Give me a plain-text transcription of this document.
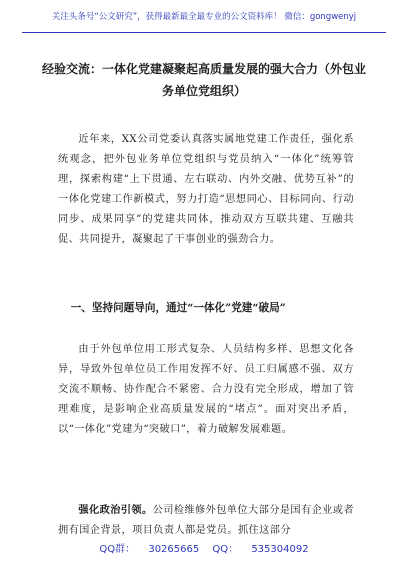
关注头条号“公文研究”，获得最新最全最专业的公文资料库！ 微信：gongwenyj
经验交流：一体化党建凝聚起高质量发展的强大合力（外包业务单位党组织）

近年来，XX公司党委认真落实属地党建工作责任，强化系统观念，把外包业务单位党组织与党员纳入“一体化”统筹管理，探索构建“上下贯通、左右联动、内外交融、优势互补”的一体化党建工作新模式，努力打造“思想同心、目标同向、行动同步、成果同享”的党建共同体，推动双方互联共建、互融共促、共同提升，凝聚起了干事创业的强劲合力。

一、坚持问题导向，通过“一体化”党建“破局”

由于外包单位用工形式复杂、人员结构多样、思想文化各异，导致外包单位员工作用发挥不好、员工归属感不强、双方交流不顺畅、协作配合不紧密、合力没有完全形成，增加了管理难度，是影响企业高质量发展的“堵点”。面对突出矛盾，以“一体化”党建为“突破口”，着力破解发展难题。

强化政治引领。公司检维修外包单位大部分是国有企业或者拥有国企背景，项目负责人都是党员。抓住这部分

QQ群： 30265665 QQ： 535304092
